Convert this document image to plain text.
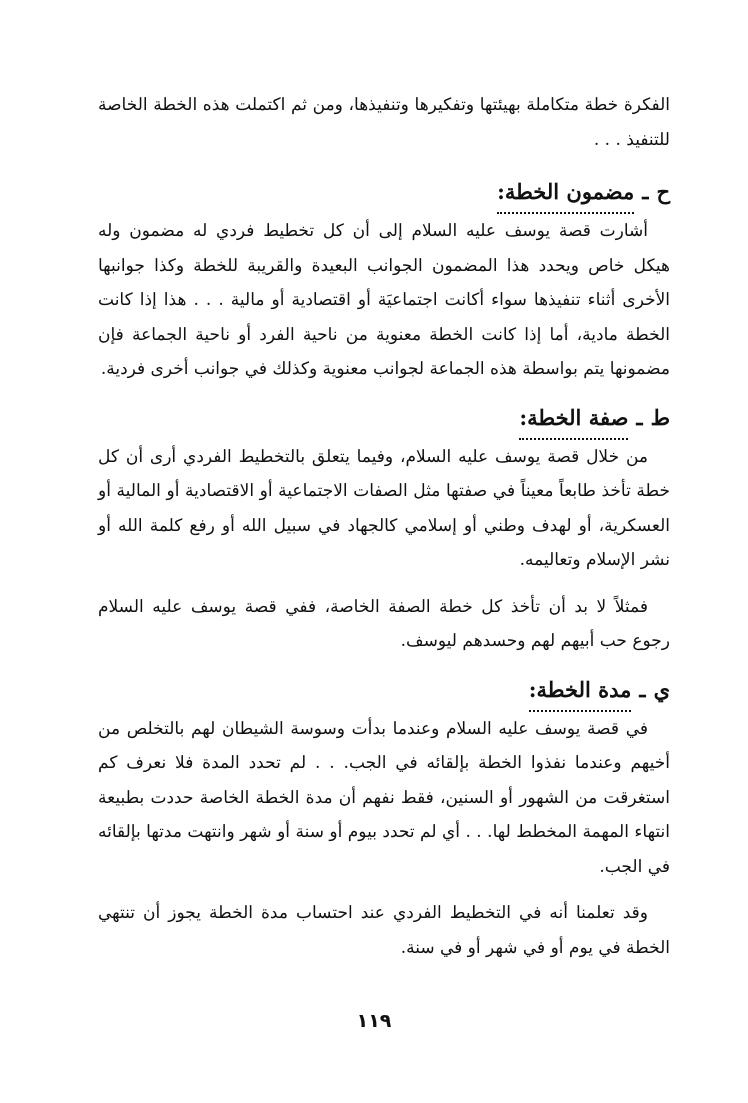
الفكرة خطة متكاملة بهيئتها وتفكيرها وتنفيذها، ومن ثم اكتملت هذه الخطة الخاصة للتنفيذ . . .

ح
ـ
مضمون الخطة:

أشارت قصة يوسف عليه السلام إلى أن كل تخطيط فردي له مضمون وله هيكل خاص ويحدد هذا المضمون الجوانب البعيدة والقريبة للخطة وكذا جوانبها الأخرى أثناء تنفيذها سواء أكانت اجتماعيَة أو اقتصادية أو مالية . . . هذا إذا كانت الخطة مادية، أما إذا كانت الخطة معنوية من ناحية الفرد أو ناحية الجماعة فإن مضمونها يتم بواسطة هذه الجماعة لجوانب معنوية وكذلك في جوانب أخرى فردية.

ط
ـ
صفة الخطة:

من خلال قصة يوسف عليه السلام، وفيما يتعلق بالتخطيط الفردي أرى أن كل خطة تأخذ طابعاً معيناً في صفتها مثل الصفات الاجتماعية أو الاقتصادية أو المالية أو العسكرية، أو لهدف وطني أو إسلامي كالجهاد في سبيل الله أو رفع كلمة الله أو نشر الإسلام وتعاليمه.

فمثلاً لا بد أن تأخذ كل خطة الصفة الخاصة، ففي قصة يوسف عليه السلام رجوع حب أبيهم لهم وحسدهم ليوسف.

ي
ـ
مدة الخطة:

في قصة يوسف عليه السلام وعندما بدأت وسوسة الشيطان لهم بالتخلص من أخيهم وعندما نفذوا الخطة بإلقائه في الجب. . . لم تحدد المدة فلا نعرف كم استغرقت من الشهور أو السنين، فقط نفهم أن مدة الخطة الخاصة حددت بطبيعة انتهاء المهمة المخطط لها. . . أي لم تحدد بيوم أو سنة أو شهر وانتهت مدتها بإلقائه في الجب.

وقد تعلمنا أنه في التخطيط الفردي عند احتساب مدة الخطة يجوز أن تنتهي الخطة في يوم أو في شهر أو في سنة.

١١٩
